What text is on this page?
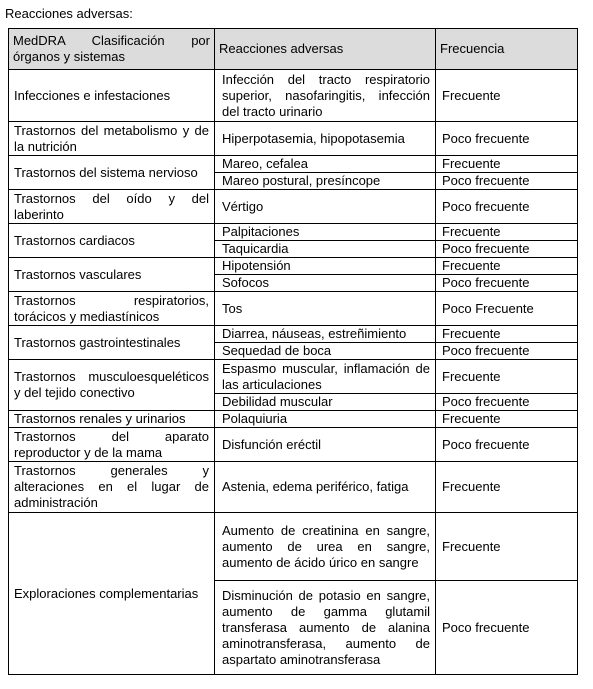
Reacciones adversas:
MedDRA Clasificación por órganos y sistemas	Reacciones adversas	Frecuencia
Infecciones e infestaciones	Infección del tracto respiratorio superior, nasofaringitis, infección del tracto urinario	Frecuente
Trastornos del metabolismo y de la nutrición	Hiperpotasemia, hipopotasemia	Poco frecuente
Trastornos del sistema nervioso	Mareo, cefalea	Frecuente
	Mareo postural, presíncope	Poco frecuente
Trastornos del oído y del laberinto	Vértigo	Poco frecuente
Trastornos cardiacos	Palpitaciones	Frecuente
	Taquicardia	Poco frecuente
Trastornos vasculares	Hipotensión	Frecuente
	Sofocos	Poco frecuente
Trastornos respiratorios, torácicos y mediastínicos	Tos	Poco Frecuente
Trastornos gastrointestinales	Diarrea, náuseas, estreñimiento	Frecuente
	Sequedad de boca	Poco frecuente
Trastornos musculoesqueléticos y del tejido conectivo	Espasmo muscular, inflamación de las articulaciones	Frecuente
	Debilidad muscular	Poco frecuente
Trastornos renales y urinarios	Polaquiuria	Frecuente
Trastornos del aparato reproductor y de la mama	Disfunción eréctil	Poco frecuente
Trastornos generales y alteraciones en el lugar de administración	Astenia, edema periférico, fatiga	Frecuente
Exploraciones complementarias	Aumento de creatinina en sangre, aumento de urea en sangre, aumento de ácido úrico en sangre	Frecuente
	Disminución de potasio en sangre, aumento de gamma glutamil transferasa aumento de alanina aminotransferasa, aumento de aspartato aminotransferasa	Poco frecuente
